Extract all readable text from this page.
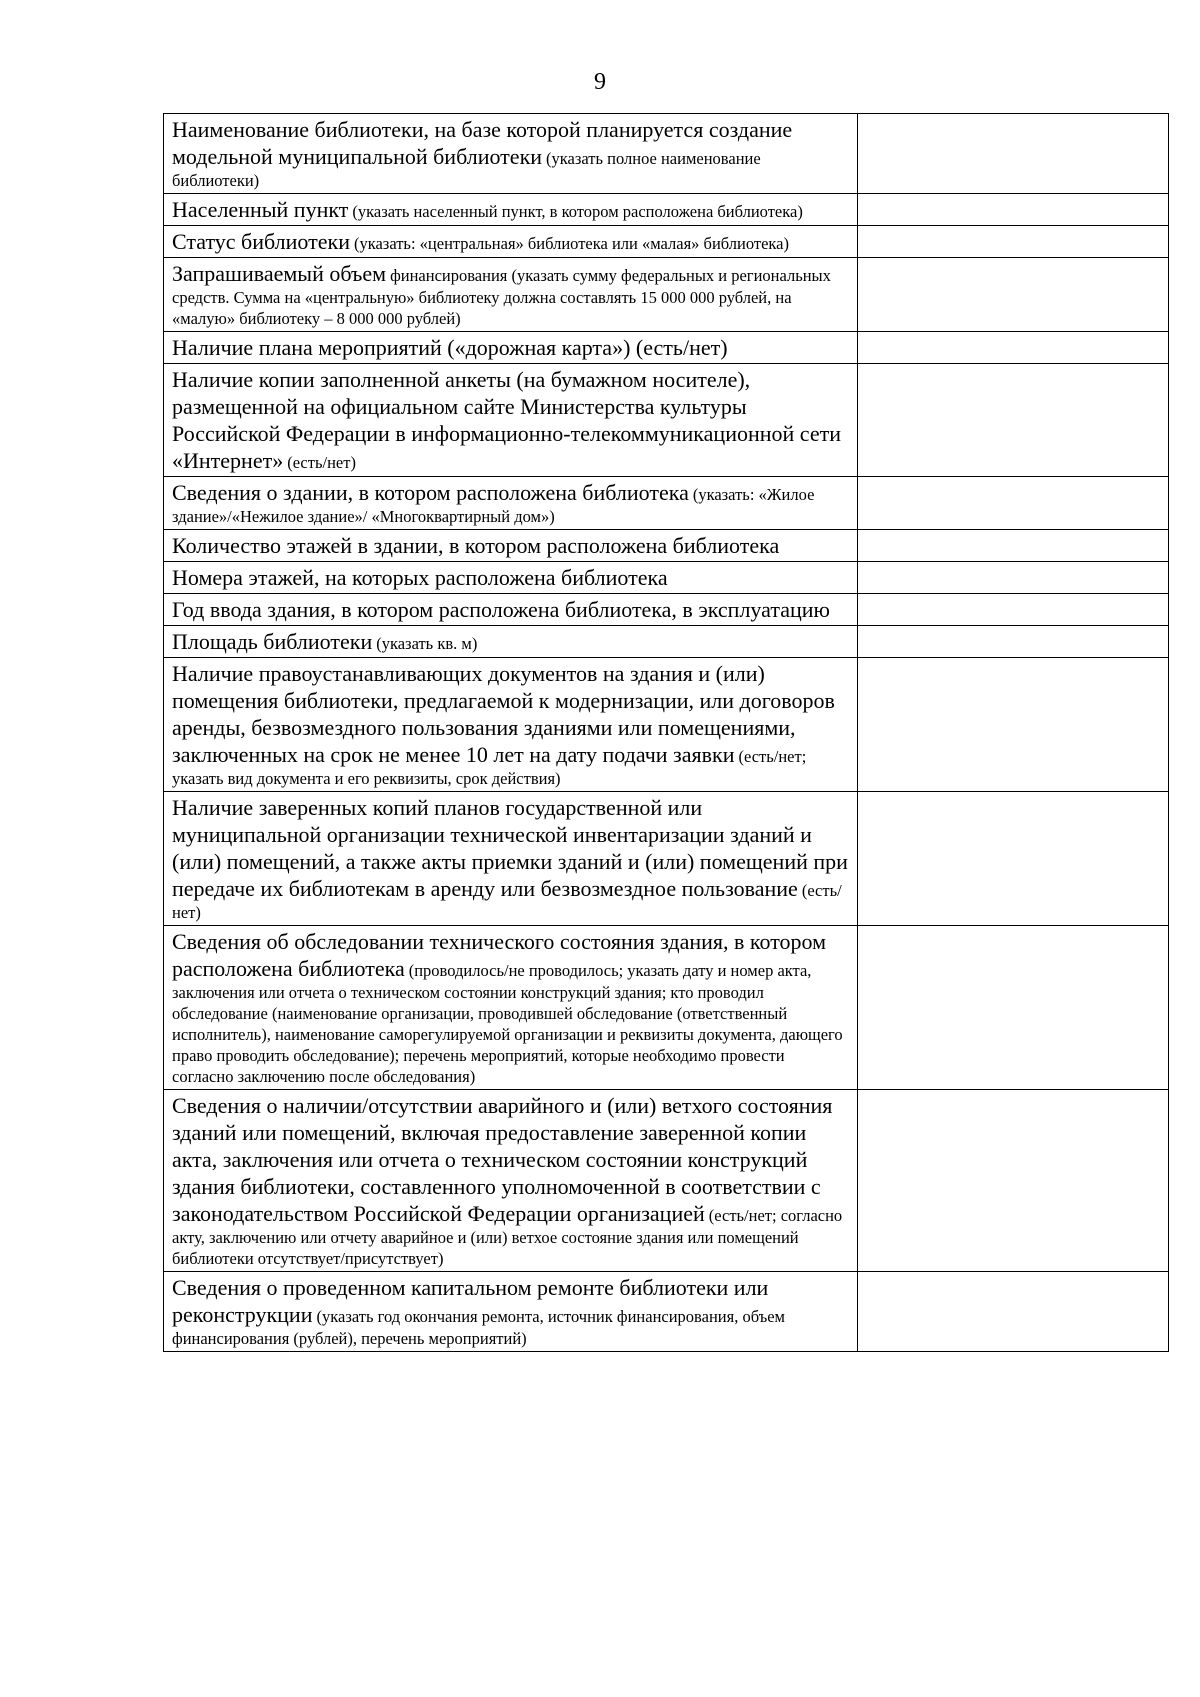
9
Наименование библиотеки, на базе которой планируется создание модельной муниципальной библиотеки (указать полное наименование библиотеки)	
Населенный пункт (указать населенный пункт, в котором расположена библиотека)	
Статус библиотеки (указать: «центральная» библиотека или «малая» библиотека)	
Запрашиваемый объем финансирования (указать сумму федеральных и региональных средств. Сумма на «центральную» библиотеку должна составлять 15 000 000 рублей, на «малую» библиотеку – 8 000 000 рублей)	
Наличие плана мероприятий («дорожная карта») (есть/нет)	
Наличие копии заполненной анкеты (на бумажном носителе), размещенной на официальном сайте Министерства культуры Российской Федерации в информационно-телекоммуникационной сети «Интернет» (есть/нет)	
Сведения о здании, в котором расположена библиотека (указать: «Жилое здание»/«Нежилое здание»/ «Многоквартирный дом»)	
Количество этажей в здании, в котором расположена библиотека	
Номера этажей, на которых расположена библиотека	
Год ввода здания, в котором расположена библиотека, в эксплуатацию	
Площадь библиотеки (указать кв. м)	
Наличие правоустанавливающих документов на здания и (или) помещения библиотеки, предлагаемой к модернизации, или договоров аренды, безвозмездного пользования зданиями или помещениями, заключенных на срок не менее 10 лет на дату подачи заявки (есть/нет; указать вид документа и его реквизиты, срок действия)	
Наличие заверенных копий планов государственной или муниципальной организации технической инвентаризации зданий и (или) помещений, а также акты приемки зданий и (или) помещений при передаче их библиотекам в аренду или безвозмездное пользование (есть/нет)	
Сведения об обследовании технического состояния здания, в котором расположена библиотека (проводилось/не проводилось; указать дату и номер акта, заключения или отчета о техническом состоянии конструкций здания; кто проводил обследование (наименование организации, проводившей обследование (ответственный исполнитель), наименование саморегулируемой организации и реквизиты документа, дающего право проводить обследование); перечень мероприятий, которые необходимо провести согласно заключению после обследования)	
Сведения о наличии/отсутствии аварийного и (или) ветхого состояния зданий или помещений, включая предоставление заверенной копии акта, заключения или отчета о техническом состоянии конструкций здания библиотеки, составленного уполномоченной в соответствии с законодательством Российской Федерации организацией (есть/нет; согласно акту, заключению или отчету аварийное и (или) ветхое состояние здания или помещений библиотеки отсутствует/присутствует)	
Сведения о проведенном капитальном ремонте библиотеки или реконструкции (указать год окончания ремонта, источник финансирования, объем финансирования (рублей), перечень мероприятий)	
